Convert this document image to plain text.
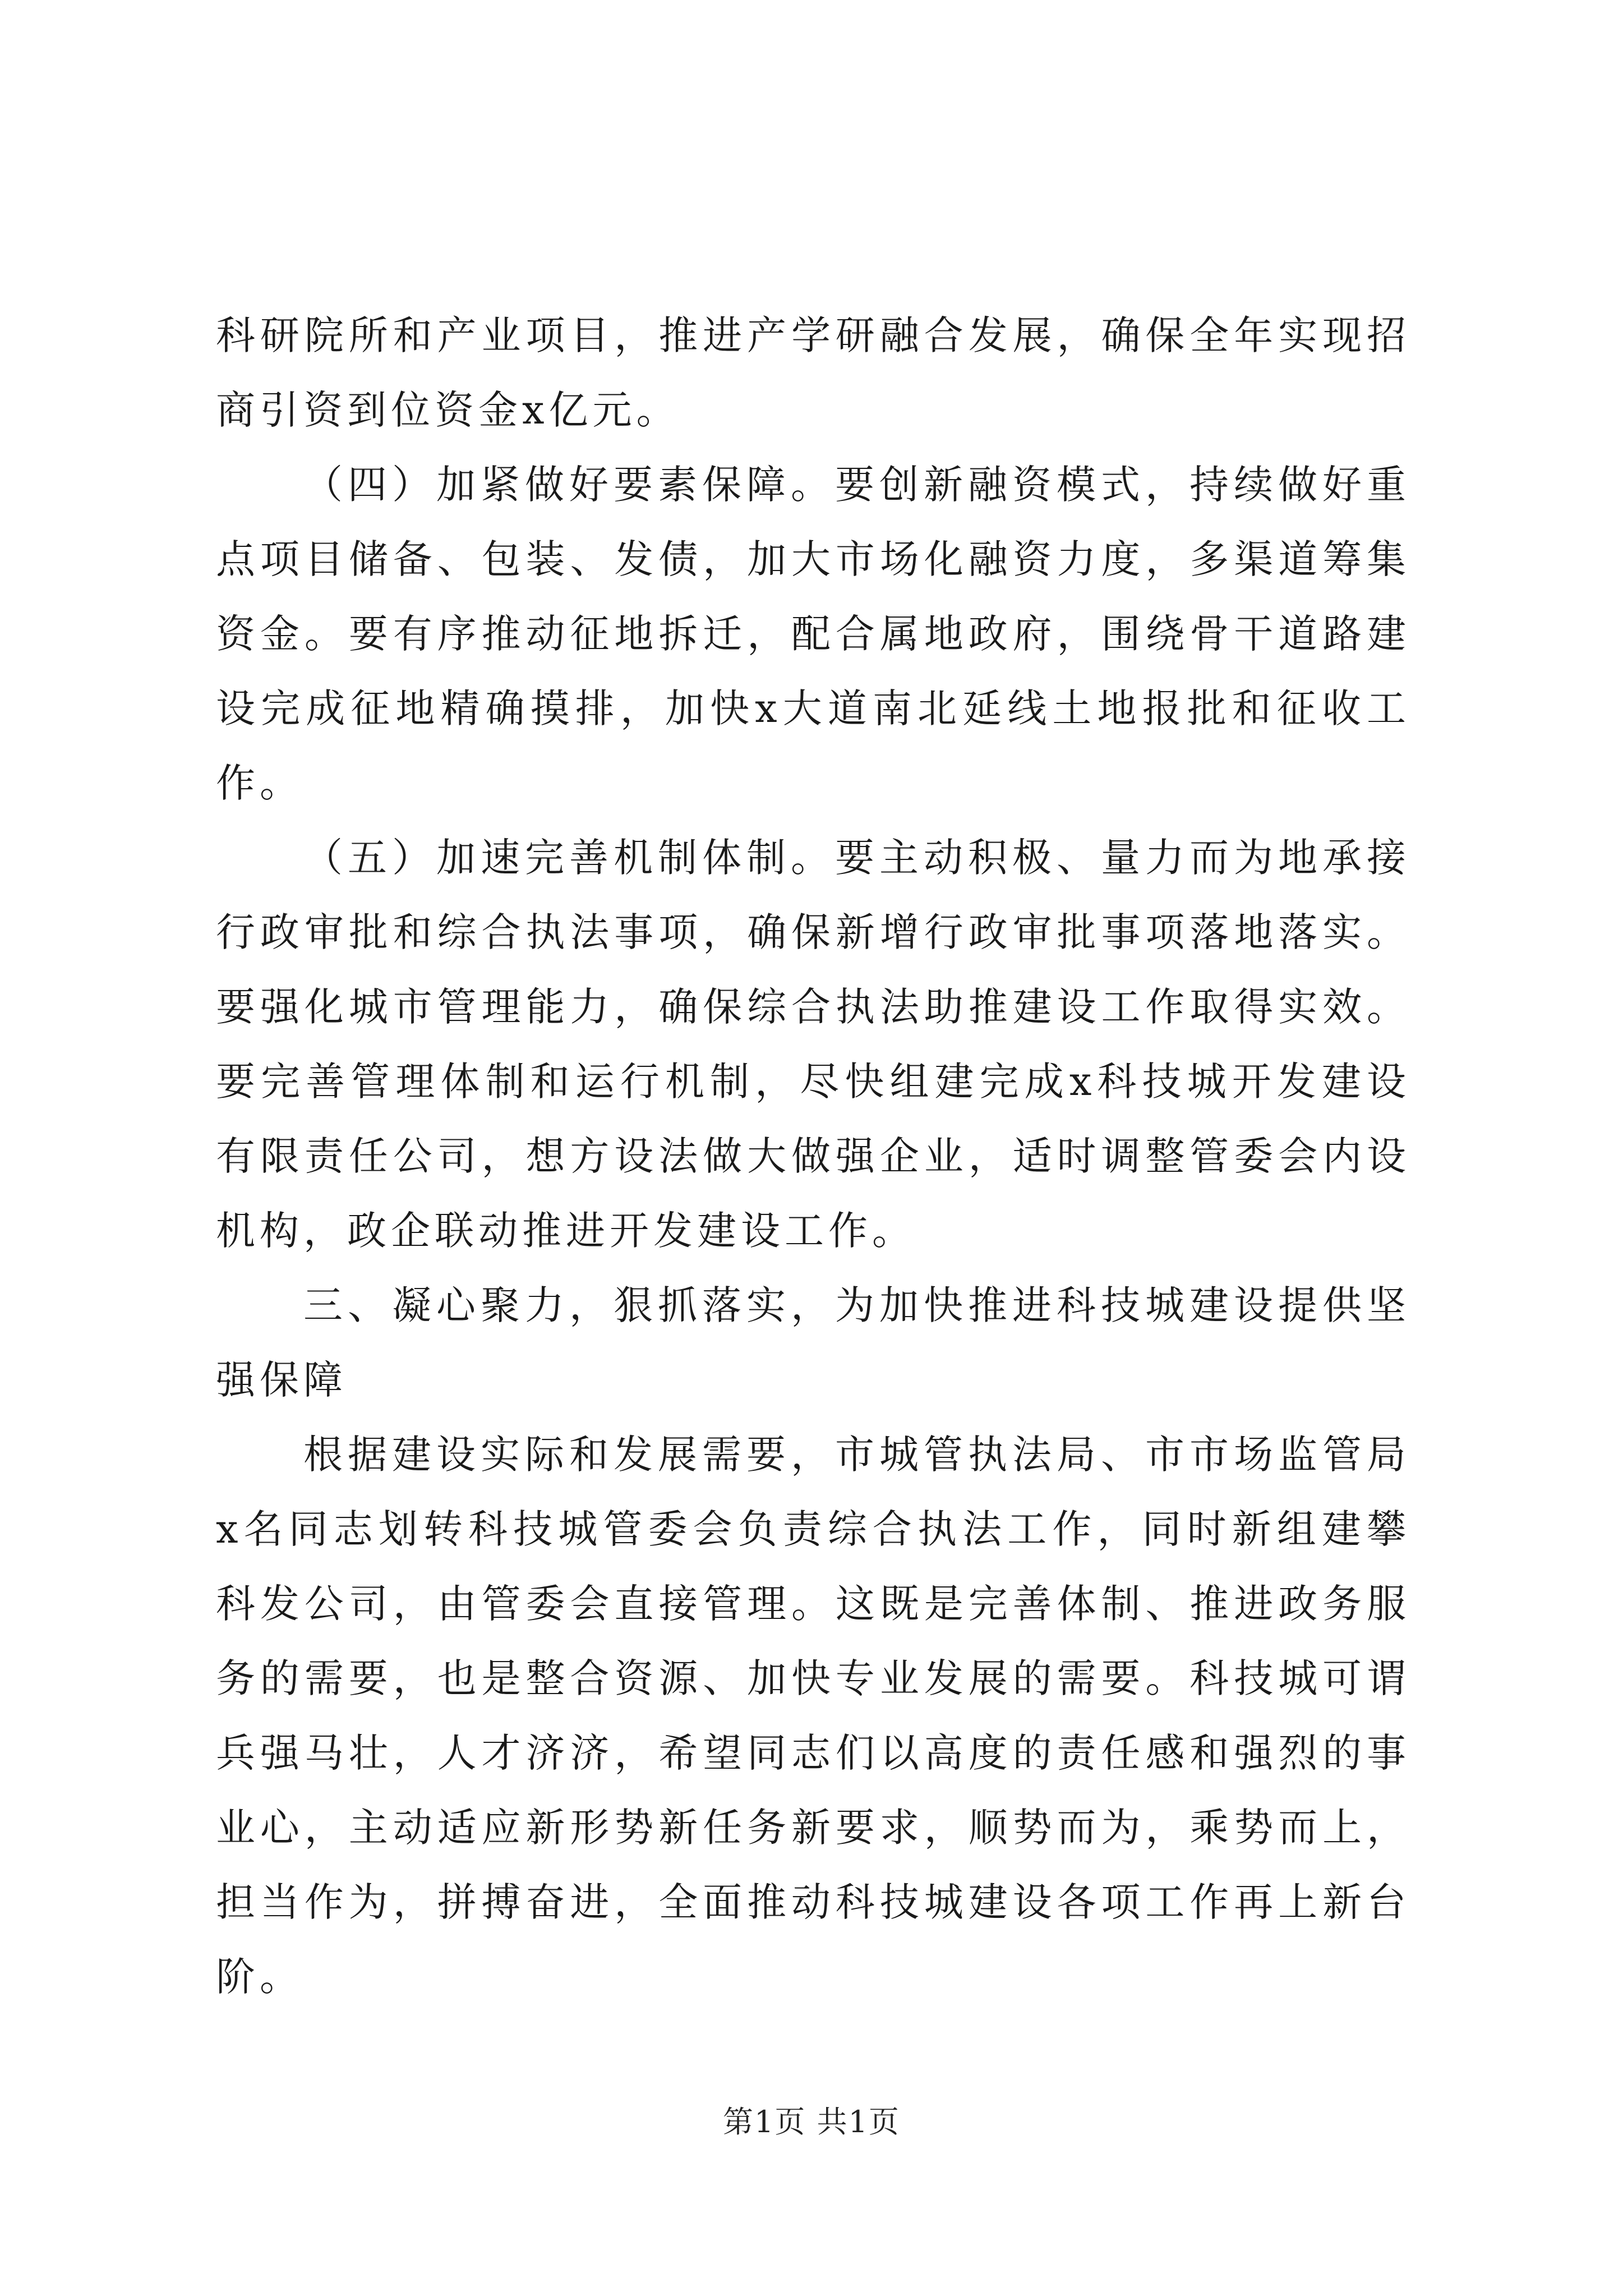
科研院所和产业项目，推进产学研融合发展，确保全年实现招商引资到位资金x亿元。

（四）加紧做好要素保障。要创新融资模式，持续做好重点项目储备、包装、发债，加大市场化融资力度，多渠道筹集资金。要有序推动征地拆迁，配合属地政府，围绕骨干道路建设完成征地精确摸排，加快x大道南北延线土地报批和征收工作。

（五）加速完善机制体制。要主动积极、量力而为地承接行政审批和综合执法事项，确保新增行政审批事项落地落实。要强化城市管理能力，确保综合执法助推建设工作取得实效。要完善管理体制和运行机制，尽快组建完成x科技城开发建设有限责任公司，想方设法做大做强企业，适时调整管委会内设机构，政企联动推进开发建设工作。

三、凝心聚力，狠抓落实，为加快推进科技城建设提供坚强保障

根据建设实际和发展需要，市城管执法局、市市场监管局x名同志划转科技城管委会负责综合执法工作，同时新组建攀科发公司，由管委会直接管理。这既是完善体制、推进政务服务的需要，也是整合资源、加快专业发展的需要。科技城可谓兵强马壮，人才济济，希望同志们以高度的责任感和强烈的事业心，主动适应新形势新任务新要求，顺势而为，乘势而上，担当作为，拼搏奋进，全面推动科技城建设各项工作再上新台阶。

第1页 共1页
